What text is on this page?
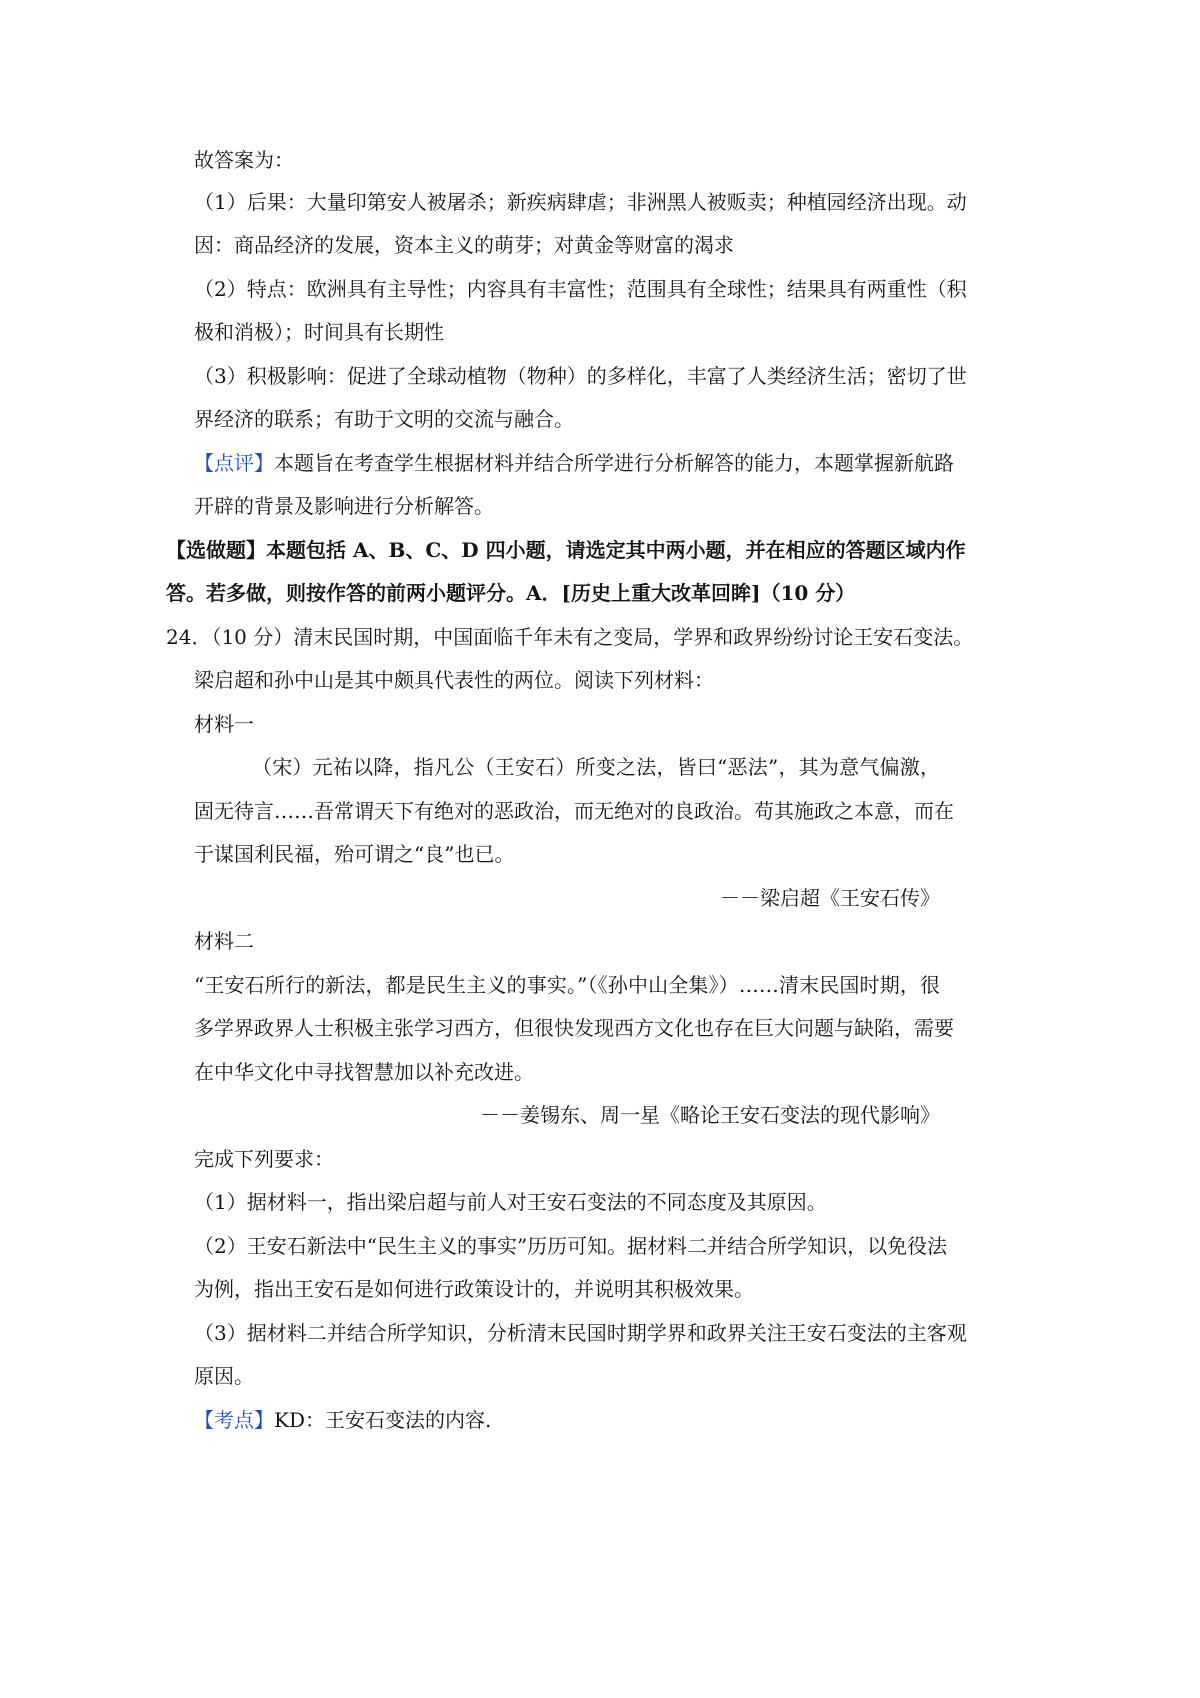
故答案为：
（1）后果：大量印第安人被屠杀；新疾病肆虐；非洲黑人被贩卖；种植园经济出现。动
因：商品经济的发展，资本主义的萌芽；对黄金等财富的渴求
（2）特点：欧洲具有主导性；内容具有丰富性；范围具有全球性；结果具有两重性（积
极和消极）；时间具有长期性
（3）积极影响：促进了全球动植物（物种）的多样化，丰富了人类经济生活；密切了世
界经济的联系；有助于文明的交流与融合。
【点评】 本题旨在考查学生根据材料并结合所学进行分析解答的能力，本题掌握新航路
开辟的背景及影响进行分析解答。
【选做题】本题包括 A、B、C、D 四小题，请选定其中两小题，并在相应的答题区域内作
答。若多做，则按作答的前两小题评分。A．[历史上重大改革回眸]（10 分）
24．（10 分）清末民国时期，中国面临千年未有之变局，学界和政界纷纷讨论王安石变法。
梁启超和孙中山是其中颇具代表性的两位。阅读下列材料：
材料一
（宋）元祐以降，指凡公（王安石）所变之法，皆曰“恶法”，其为意气偏激，
固无待言……吾常谓天下有绝对的恶政治，而无绝对的良政治。苟其施政之本意，而在
于谋国利民福，殆可谓之“良”也已。
－－梁启超《王安石传》
材料二
“王安石所行的新法，都是民生主义的事实。”（《孙中山全集》）……清末民国时期，很
多学界政界人士积极主张学习西方，但很快发现西方文化也存在巨大问题与缺陷，需要
在中华文化中寻找智慧加以补充改进。
－－姜锡东、周一星《略论王安石变法的现代影响》
完成下列要求：
（1）据材料一，指出梁启超与前人对王安石变法的不同态度及其原因。
（2）王安石新法中“民生主义的事实”历历可知。据材料二并结合所学知识，以免役法
为例，指出王安石是如何进行政策设计的，并说明其积极效果。
（3）据材料二并结合所学知识，分析清末民国时期学界和政界关注王安石变法的主客观
原因。
【考点】KD：王安石变法的内容.
